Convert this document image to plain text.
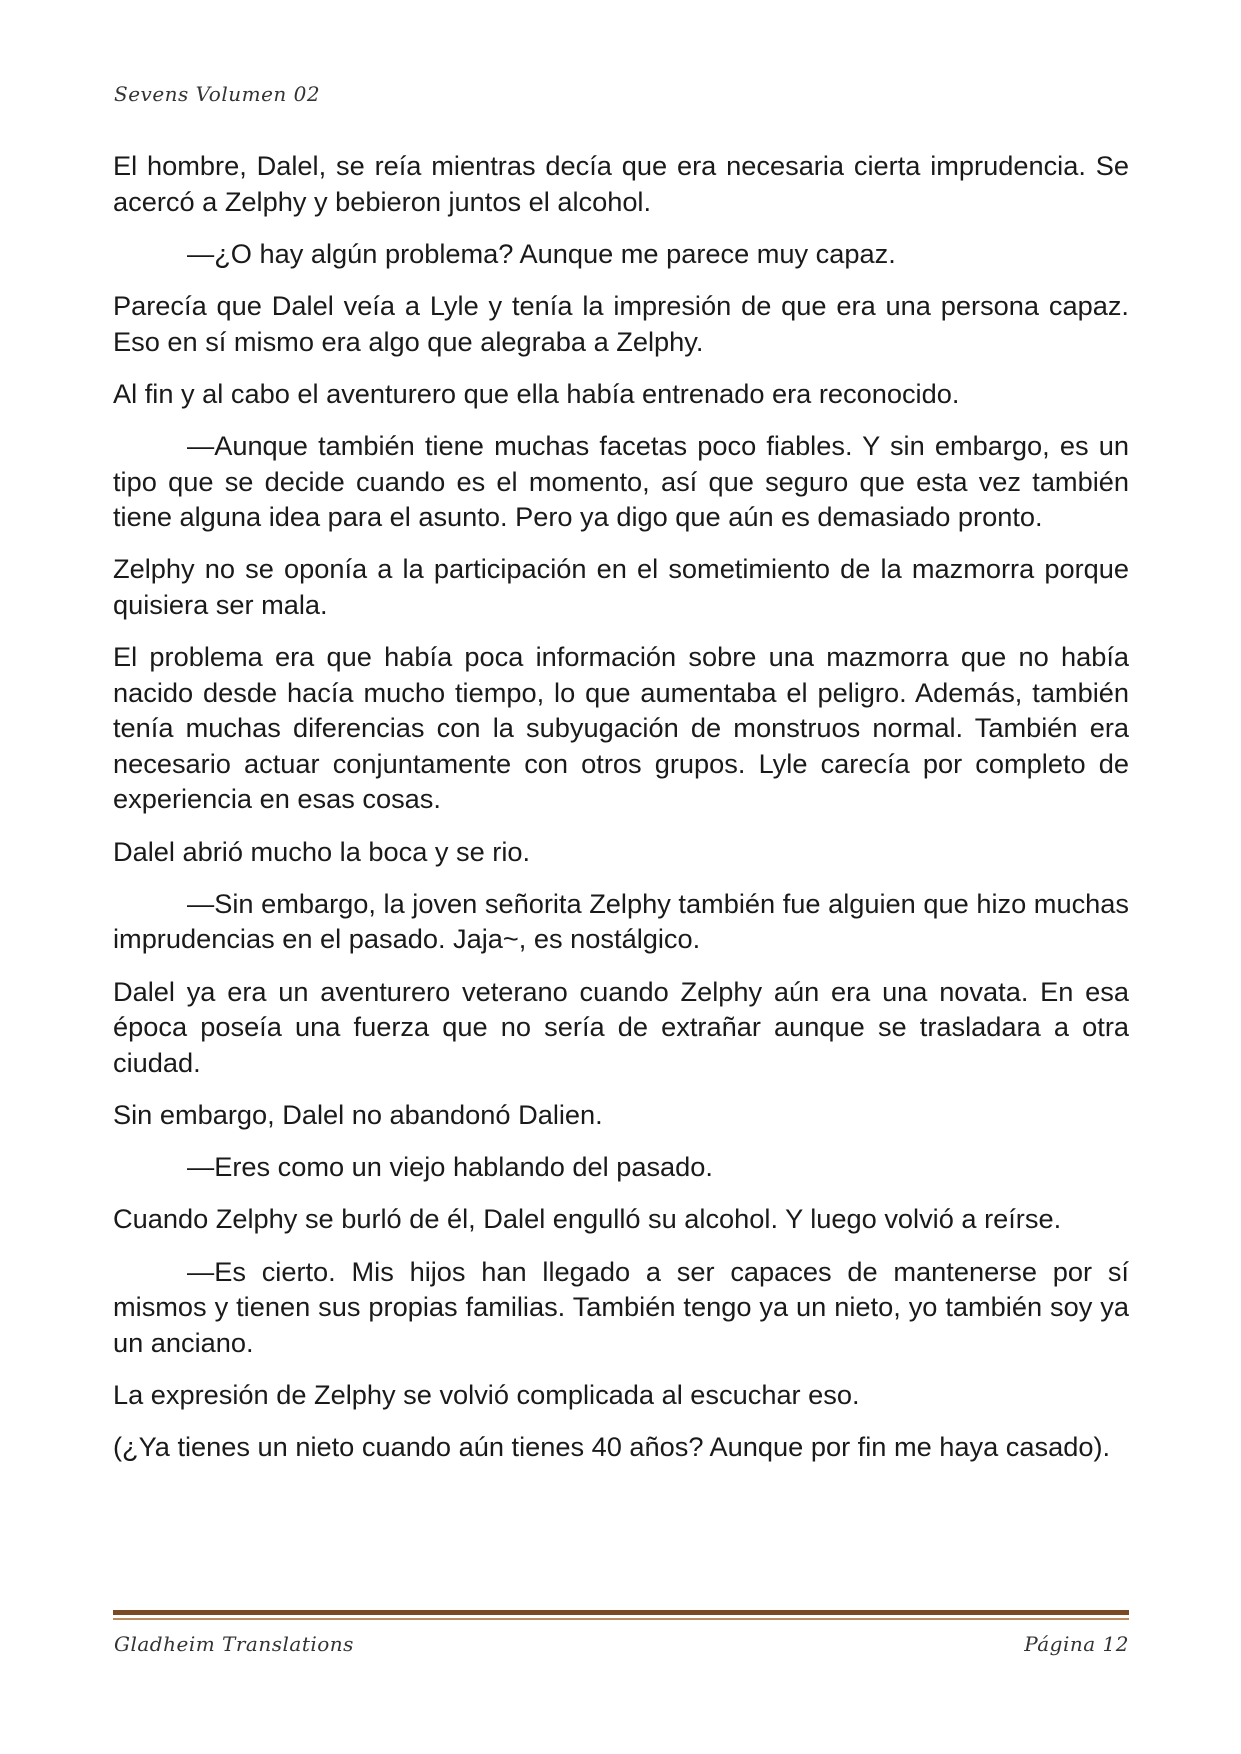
Sevens Volumen 02

El hombre, Dalel, se reía mientras decía que era necesaria cierta imprudencia. Se acercó a Zelphy y bebieron juntos el alcohol.

—¿O hay algún problema? Aunque me parece muy capaz.

Parecía que Dalel veía a Lyle y tenía la impresión de que era una persona capaz. Eso en sí mismo era algo que alegraba a Zelphy.

Al fin y al cabo el aventurero que ella había entrenado era reconocido.

—Aunque también tiene muchas facetas poco fiables. Y sin embargo, es un tipo que se decide cuando es el momento, así que seguro que esta vez también tiene alguna idea para el asunto. Pero ya digo que aún es demasiado pronto.

Zelphy no se oponía a la participación en el sometimiento de la mazmorra porque quisiera ser mala.

El problema era que había poca información sobre una mazmorra que no había nacido desde hacía mucho tiempo, lo que aumentaba el peligro. Además, también tenía muchas diferencias con la subyugación de monstruos normal. También era necesario actuar conjuntamente con otros grupos. Lyle carecía por completo de experiencia en esas cosas.

Dalel abrió mucho la boca y se rio.

—Sin embargo, la joven señorita Zelphy también fue alguien que hizo muchas imprudencias en el pasado. Jaja~, es nostálgico.

Dalel ya era un aventurero veterano cuando Zelphy aún era una novata. En esa época poseía una fuerza que no sería de extrañar aunque se trasladara a otra ciudad.

Sin embargo, Dalel no abandonó Dalien.

—Eres como un viejo hablando del pasado.

Cuando Zelphy se burló de él, Dalel engulló su alcohol. Y luego volvió a reírse.

—Es cierto. Mis hijos han llegado a ser capaces de mantenerse por sí mismos y tienen sus propias familias. También tengo ya un nieto, yo también soy ya un anciano.

La expresión de Zelphy se volvió complicada al escuchar eso.

(¿Ya tienes un nieto cuando aún tienes 40 años? Aunque por fin me haya casado).

Gladheim Translations	Página 12
